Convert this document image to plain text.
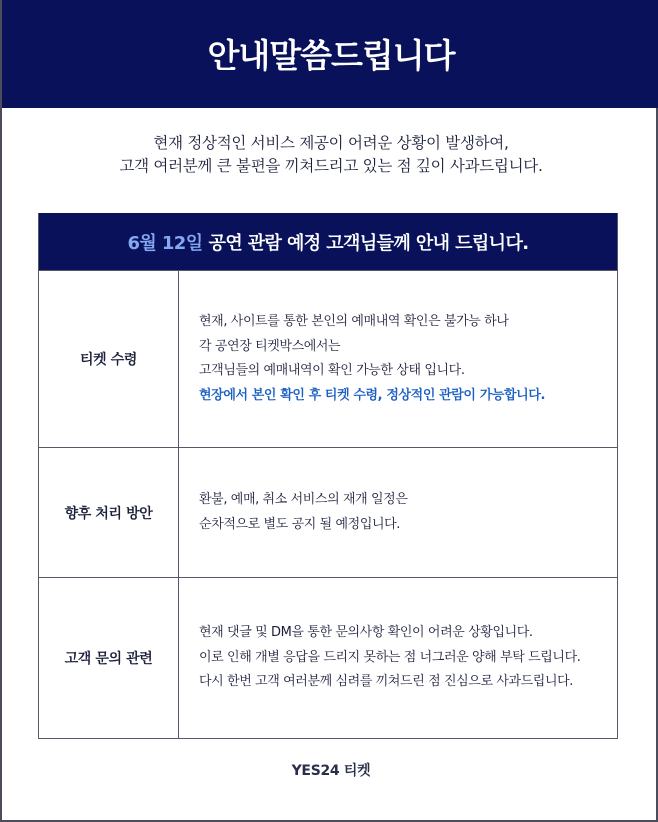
안내말씀드립니다
현재 정상적인 서비스 제공이 어려운 상황이 발생하여,
고객 여러분께 큰 불편을 끼쳐드리고 있는 점 깊이 사과드립니다.
6월 12일 공연 관람 예정 고객님들께 안내 드립니다.
티켓 수령
현재, 사이트를 통한 본인의 예매내역 확인은 불가능 하나
각 공연장 티켓박스에서는
고객님들의 예매내역이 확인 가능한 상태 입니다.
현장에서 본인 확인 후 티켓 수령, 정상적인 관람이 가능합니다.
향후 처리 방안
환불, 예매, 취소 서비스의 재개 일정은
순차적으로 별도 공지 될 예정입니다.
고객 문의 관련
현재 댓글 및 DM을 통한 문의사항 확인이 어려운 상황입니다.
이로 인해 개별 응답을 드리지 못하는 점 너그러운 양해 부탁 드립니다.
다시 한번 고객 여러분께 심려를 끼쳐드린 점 진심으로 사과드립니다.
YES24 티켓
